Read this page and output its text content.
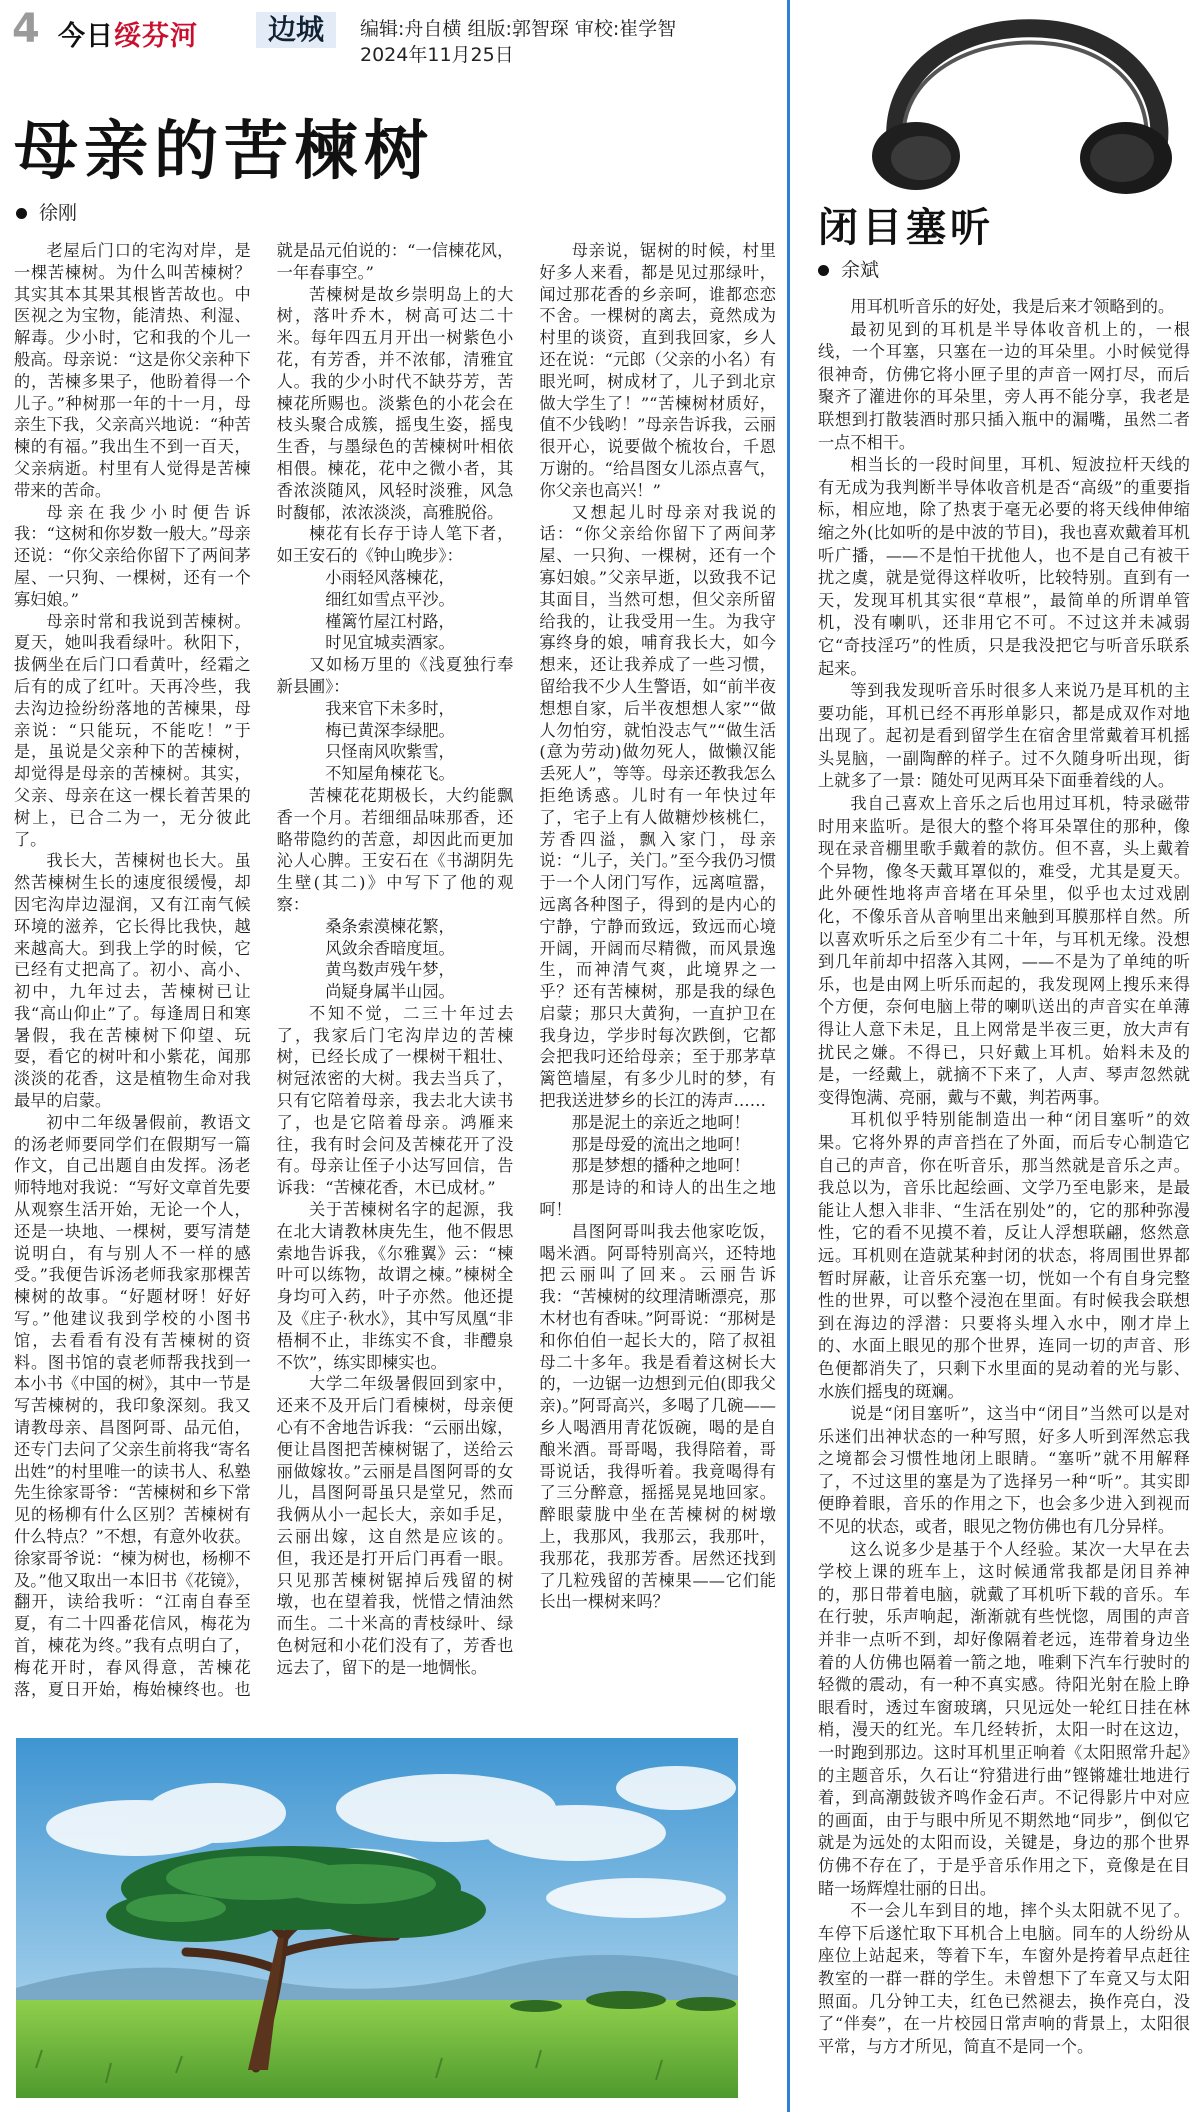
4 今日绥芬河	边城	编辑:舟自横 组版:郭智琛 审校:崔学智
2024年11月25日
母亲的苦楝树
徐刚

老屋后门口的宅沟对岸，是一棵苦楝树。为什么叫苦楝树？其实其本其果其根皆苦故也。中医视之为宝物，能清热、利湿、解毒。少小时，它和我的个儿一般高。母亲说：“这是你父亲种下的，苦楝多果子，他盼着得一个儿子。”种树那一年的十一月，母亲生下我，父亲高兴地说：“种苦楝的有福。”我出生不到一百天，父亲病逝。村里有人觉得是苦楝带来的苦命。

母亲在我少小时便告诉我：“这树和你岁数一般大。”母亲还说：“你父亲给你留下了两间茅屋、一只狗、一棵树，还有一个寡妇娘。”

母亲时常和我说到苦楝树。夏天，她叫我看绿叶。秋阳下，拔俩坐在后门口看黄叶，经霜之后有的成了红叶。天再冷些，我去沟边捡纷纷落地的苦楝果，母亲说：“只能玩，不能吃！”于是，虽说是父亲种下的苦楝树，却觉得是母亲的苦楝树。其实，父亲、母亲在这一棵长着苦果的树上，已合二为一，无分彼此了。

我长大，苦楝树也长大。虽然苦楝树生长的速度很缓慢，却因宅沟岸边湿润，又有江南气候环境的滋养，它长得比我快，越来越高大。到我上学的时候，它已经有丈把高了。初小、高小、初中，九年过去，苦楝树已让我“高山仰止”了。每逢周日和寒暑假，我在苦楝树下仰望、玩耍，看它的树叶和小紫花，闻那淡淡的花香，这是植物生命对我最早的启蒙。

初中二年级暑假前，教语文的汤老师要同学们在假期写一篇作文，自己出题自由发挥。汤老师特地对我说：“写好文章首先要从观察生活开始，无论一个人，还是一块地、一棵树，要写清楚说明白，有与别人不一样的感受。”我便告诉汤老师我家那棵苦楝树的故事。“好题材呀！好好写。”他建议我到学校的小图书馆，去看看有没有苦楝树的资料。图书馆的袁老师帮我找到一本小书《中国的树》，其中一节是写苦楝树的，我印象深刻。我又请教母亲、昌图阿哥、品元伯，还专门去问了父亲生前将我“寄名出姓”的村里唯一的读书人、私塾先生徐家哥爷：“苦楝树和乡下常见的杨柳有什么区别？苦楝树有什么特点？”不想，有意外收获。徐家哥爷说：“楝为树也，杨柳不及。”他又取出一本旧书《花镜》，翻开，读给我听：“江南自春至夏，有二十四番花信风，梅花为首，楝花为终。”我有点明白了，梅花开时，春风得意，苦楝花落，夏日开始，梅始楝终也。也就是品元伯说的：“一信楝花风，一年春事空。”

苦楝树是故乡崇明岛上的大树，落叶乔木，树高可达二十米。每年四五月开出一树紫色小花，有芳香，并不浓郁，清雅宜人。我的少小时代不缺芬芳，苦楝花所赐也。淡紫色的小花会在枝头聚合成簇，摇曳生姿，摇曳生香，与墨绿色的苦楝树叶相依相偎。楝花，花中之微小者，其香浓淡随风，风轻时淡雅，风急时馥郁，浓浓淡淡，高雅脱俗。

楝花有长存于诗人笔下者，如王安石的《钟山晚步》：

小雨轻风落楝花，

细红如雪点平沙。

槿篱竹屋江村路，

时见宜城卖酒家。

又如杨万里的《浅夏独行奉新县圃》：

我来官下未多时，

梅已黄深李绿肥。

只怪南风吹紫雪，

不知屋角楝花飞。

苦楝花花期极长，大约能飘香一个月。若细细品味那香，还略带隐约的苦意，却因此而更加沁人心脾。王安石在《书湖阴先生壁(其二)》中写下了他的观察：

桑条索漠楝花繁，

风敛余香暗度垣。

黄鸟数声残午梦，

尚疑身属半山园。

不知不觉，二三十年过去了，我家后门宅沟岸边的苦楝树，已经长成了一棵树干粗壮、树冠浓密的大树。我去当兵了，只有它陪着母亲，我去北大读书了，也是它陪着母亲。鸿雁来往，我有时会问及苦楝花开了没有。母亲让侄子小达写回信，告诉我：“苦楝花香，木已成材。”

关于苦楝树名字的起源，我在北大请教林庚先生，他不假思索地告诉我，《尔雅翼》云：“楝叶可以练物，故谓之楝。”楝树全身均可入药，叶子亦然。他还提及《庄子·秋水》，其中写凤凰“非梧桐不止，非练实不食，非醴泉不饮”，练实即楝实也。

大学二年级暑假回到家中，还来不及开后门看楝树，母亲便心有不舍地告诉我：“云丽出嫁，便让昌图把苦楝树锯了，送给云丽做嫁妆。”云丽是昌图阿哥的女儿，昌图阿哥虽只是堂兄，然而我俩从小一起长大，亲如手足，云丽出嫁，这自然是应该的。但，我还是打开后门再看一眼。只见那苦楝树锯掉后残留的树墩，也在望着我，恍惜之情油然而生。二十米高的青枝绿叶、绿色树冠和小花们没有了，芳香也远去了，留下的是一地惆怅。

母亲说，锯树的时候，村里好多人来看，都是见过那绿叶，闻过那花香的乡亲呵，谁都恋恋不舍。一棵树的离去，竟然成为村里的谈资，直到我回家，乡人还在说：“元郎（父亲的小名）有眼光呵，树成材了，儿子到北京做大学生了！”“苦楝树材质好，值不少钱哟！”母亲告诉我，云丽很开心，说要做个梳妆台，千恩万谢的。“给昌图女儿添点喜气，你父亲也高兴！”

又想起儿时母亲对我说的话：“你父亲给你留下了两间茅屋、一只狗、一棵树，还有一个寡妇娘。”父亲早逝，以致我不记其面目，当然可想，但父亲所留给我的，让我受用一生。为我守寡终身的娘，哺育我长大，如今想来，还让我养成了一些习惯，留给我不少人生警语，如“前半夜想想自家，后半夜想想人家”“做人勿怕穷，就怕没志气”“做生活(意为劳动)做勿死人，做懒汉能丢死人”，等等。母亲还教我怎么拒绝诱惑。儿时有一年快过年了，宅子上有人做糖炒核桃仁，芳香四溢，飘入家门，母亲说：“儿子，关门。”至今我仍习惯于一个人闭门写作，远离喧嚣，远离各种图子，得到的是内心的宁静，宁静而致远，致远而心境开阔，开阔而尽精微，而风景逸生，而神清气爽，此境界之一乎？还有苦楝树，那是我的绿色启蒙；那只大黄狗，一直护卫在我身边，学步时每次跌倒，它都会把我叼还给母亲；至于那茅草篱笆墙屋，有多少儿时的梦，有把我送进梦乡的长江的涛声……

那是泥土的亲近之地呵！

那是母爱的流出之地呵！

那是梦想的播种之地呵！

那是诗的和诗人的出生之地呵！

昌图阿哥叫我去他家吃饭，喝米酒。阿哥特别高兴，还特地把云丽叫了回来。云丽告诉我：“苦楝树的纹理清晰漂亮，那木材也有香味。”阿哥说：“那树是和你伯伯一起长大的，陪了叔祖母二十多年。我是看着这树长大的，一边锯一边想到元伯(即我父亲)。”阿哥高兴，多喝了几碗——乡人喝酒用青花饭碗，喝的是自酿米酒。哥哥喝，我得陪着，哥哥说话，我得听着。我竟喝得有了三分醉意，摇摇晃晃地回家。醉眼蒙胧中坐在苦楝树的树墩上，我那风，我那云，我那叶，我那花，我那芳香。居然还找到了几粒残留的苦楝果——它们能长出一棵树来吗？

闭目塞听
余斌

用耳机听音乐的好处，我是后来才领略到的。

最初见到的耳机是半导体收音机上的，一根线，一个耳塞，只塞在一边的耳朵里。小时候觉得很神奇，仿佛它将小匣子里的声音一网打尽，而后聚齐了灌进你的耳朵里，旁人再不能分享，我老是联想到打散装酒时那只插入瓶中的漏嘴，虽然二者一点不相干。

相当长的一段时间里，耳机、短波拉杆天线的有无成为我判断半导体收音机是否“高级”的重要指标，相应地，除了热衷于毫无必要的将天线伸伸缩缩之外(比如听的是中波的节目)，我也喜欢戴着耳机听广播，——不是怕干扰他人，也不是自己有被干扰之虞，就是觉得这样收听，比较特别。直到有一天，发现耳机其实很“草根”，最简单的所谓单管机，没有喇叭，还非用它不可。不过这并未减弱它“奇技淫巧”的性质，只是我没把它与听音乐联系起来。

等到我发现听音乐时很多人来说乃是耳机的主要功能，耳机已经不再形单影只，都是成双作对地出现了。起初是看到留学生在宿舍里常戴着耳机摇头晃脑，一副陶醉的样子。过不久随身听出现，街上就多了一景：随处可见两耳朵下面垂着线的人。

我自己喜欢上音乐之后也用过耳机，特录磁带时用来监听。是很大的整个将耳朵罩住的那种，像现在录音棚里歌手戴着的款仿。但不喜，头上戴着个异物，像冬天戴耳罩似的，难受，尤其是夏天。此外硬性地将声音堵在耳朵里，似乎也太过戏剧化，不像乐音从音响里出来触到耳膜那样自然。所以喜欢听乐之后至少有二十年，与耳机无缘。没想到几年前却中招落入其网，——不是为了单纯的听乐，也是由网上听乐而起的，我发现网上搜乐来得个方便，奈何电脑上带的喇叭送出的声音实在单薄得让人意下未足，且上网常是半夜三更，放大声有扰民之嫌。不得已，只好戴上耳机。始料未及的是，一经戴上，就摘不下来了，人声、琴声忽然就变得饱满、亮丽，戴与不戴，判若两事。

耳机似乎特别能制造出一种“闭目塞听”的效果。它将外界的声音挡在了外面，而后专心制造它自己的声音，你在听音乐，那当然就是音乐之声。我总以为，音乐比起绘画、文学乃至电影来，是最能让人想入非非、“生活在别处”的，它的那种弥漫性，它的看不见摸不着，反让人浮想联翩，悠然意远。耳机则在造就某种封闭的状态，将周围世界都暂时屏蔽，让音乐充塞一切，恍如一个有自身完整性的世界，可以整个浸泡在里面。有时候我会联想到在海边的浮潜：只要将头埋入水中，刚才岸上的、水面上眼见的那个世界，连同一切的声音、形色便都消失了，只剩下水里面的晃动着的光与影、水族们摇曳的斑斓。

说是“闭目塞听”，这当中“闭目”当然可以是对乐迷们出神状态的一种写照，好多人听到浑然忘我之境都会习惯性地闭上眼睛。“塞听”就不用解释了，不过这里的塞是为了选择另一种“听”。其实即便睁着眼，音乐的作用之下，也会多少进入到视而不见的状态，或者，眼见之物仿佛也有几分异样。

这么说多少是基于个人经验。某次一大早在去学校上课的班车上，这时候通常我都是闭目养神的，那日带着电脑，就戴了耳机听下载的音乐。车在行驶，乐声响起，渐渐就有些恍惚，周围的声音并非一点听不到，却好像隔着老远，连带着身边坐着的人仿佛也隔着一箭之地，唯剩下汽车行驶时的轻微的震动，有一种不真实感。待阳光射在脸上睁眼看时，透过车窗玻璃，只见远处一轮红日挂在林梢，漫天的红光。车几经转折，太阳一时在这边，一时跑到那边。这时耳机里正响着《太阳照常升起》的主题音乐，久石让“狩猎进行曲”铿锵雄壮地进行着，到高潮鼓钹齐鸣作金石声。不记得影片中对应的画面，由于与眼中所见不期然地“同步”，倒似它就是为远处的太阳而设，关键是，身边的那个世界仿佛不存在了，于是乎音乐作用之下，竟像是在目睹一场辉煌壮丽的日出。

不一会儿车到目的地，摔个头太阳就不见了。车停下后遂忙取下耳机合上电脑。同车的人纷纷从座位上站起来，等着下车，车窗外是挎着早点赶往教室的一群一群的学生。未曾想下了车竟又与太阳照面。几分钟工夫，红色已然褪去，换作亮白，没了“伴奏”，在一片校园日常声响的背景上，太阳很平常，与方才所见，简直不是同一个。
